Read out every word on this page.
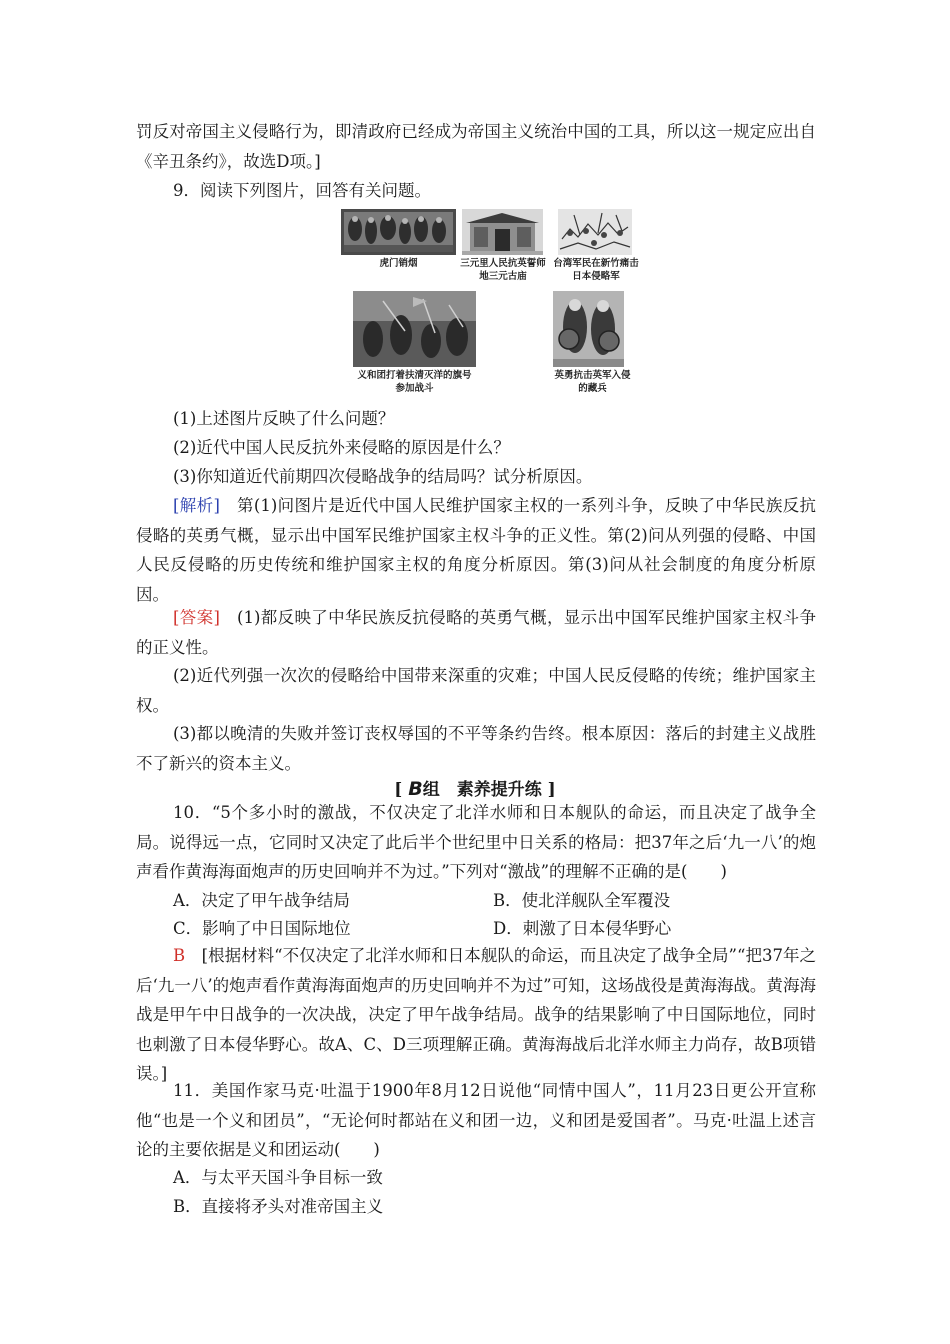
罚反对帝国主义侵略行为，即清政府已经成为帝国主义统治中国的工具，所以这一规定应出自《辛丑条约》，故选D项。]

9．阅读下列图片，回答有关问题。

虎门销烟	三元里人民抗英誓师地三元古庙
台湾军民在新竹痛击日本侵略军
义和团打着扶清灭洋的旗号参加战斗
英勇抗击英军入侵的藏兵

(1)上述图片反映了什么问题？

(2)近代中国人民反抗外来侵略的原因是什么？

(3)你知道近代前期四次侵略战争的结局吗？试分析原因。

[解析]　第(1)问图片是近代中国人民维护国家主权的一系列斗争，反映了中华民族反抗侵略的英勇气概，显示出中国军民维护国家主权斗争的正义性。第(2)问从列强的侵略、中国人民反侵略的历史传统和维护国家主权的角度分析原因。第(3)问从社会制度的角度分析原因。

[答案]　(1)都反映了中华民族反抗侵略的英勇气概，显示出中国军民维护国家主权斗争的正义性。

(2)近代列强一次次的侵略给中国带来深重的灾难；中国人民反侵略的传统；维护国家主权。

(3)都以晚清的失败并签订丧权辱国的不平等条约告终。根本原因：落后的封建主义战胜不了新兴的资本主义。

[ B组　素养提升练 ]

10．“5个多小时的激战，不仅决定了北洋水师和日本舰队的命运，而且决定了战争全局。说得远一点，它同时又决定了此后半个世纪里中日关系的格局：把37年之后‘九一八’的炮声看作黄海海面炮声的历史回响并不为过。”下列对“激战”的理解不正确的是(　　)

A．决定了甲午战争结局	B．使北洋舰队全军覆没
C．影响了中日国际地位	D．刺激了日本侵华野心

B　[根据材料“不仅决定了北洋水师和日本舰队的命运，而且决定了战争全局”“把37年之后‘九一八’的炮声看作黄海海面炮声的历史回响并不为过”可知，这场战役是黄海海战。黄海海战是甲午中日战争的一次决战，决定了甲午战争结局。战争的结果影响了中日国际地位，同时也刺激了日本侵华野心。故A、C、D三项理解正确。黄海海战后北洋水师主力尚存，故B项错误。]

11．美国作家马克·吐温于1900年8月12日说他“同情中国人”，11月23日更公开宣称他“也是一个义和团员”，“无论何时都站在义和团一边，义和团是爱国者”。马克·吐温上述言论的主要依据是义和团运动(　　)

A．与太平天国斗争目标一致
B．直接将矛头对准帝国主义
